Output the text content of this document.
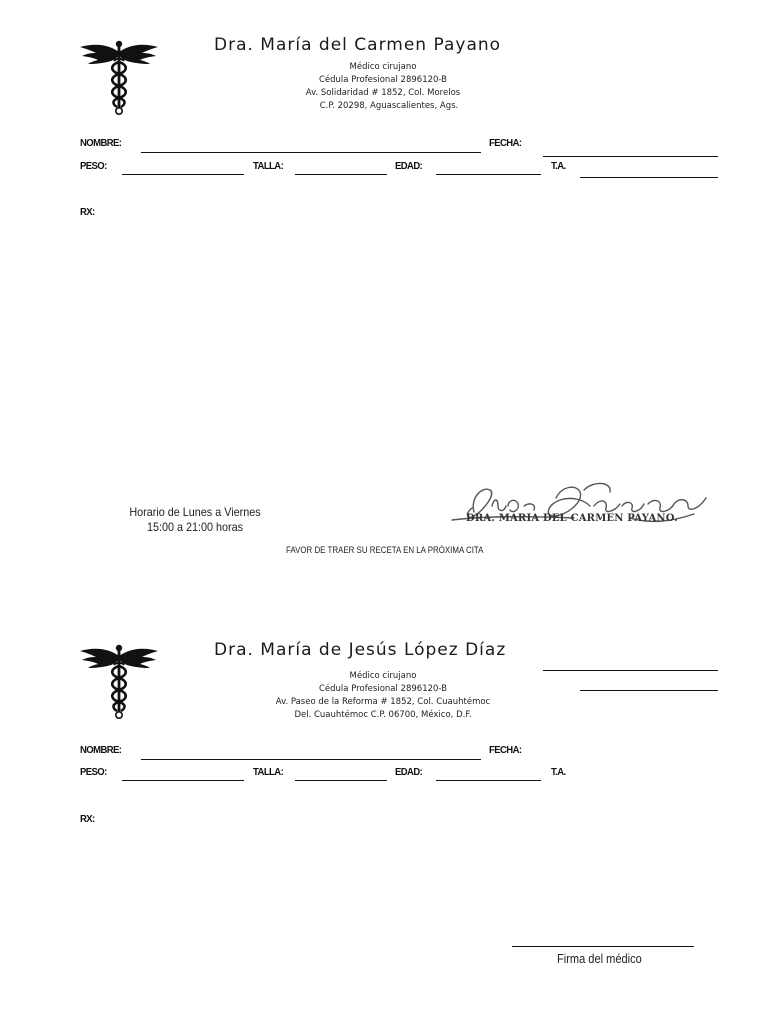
Dra. María del Carmen Payano
Médico cirujano
Cédula Profesional 2896120-B
Av. Solidaridad # 1852, Col. Morelos
C.P. 20298, Aguascalientes, Ags.
NOMBRE:	FECHA:
PESO:	TALLA:	EDAD:	T.A.
RX:
Horario de Lunes a Viernes
15:00 a 21:00 horas
DRA. MARIA DEL CARMEN PAYANO.
FAVOR DE TRAER SU RECETA EN LA PRÓXIMA CITA
Dra. María de Jesús López Díaz
Médico cirujano
Cédula Profesional 2896120-B
Av. Paseo de la Reforma # 1852, Col. Cuauhtémoc
Del. Cuauhtémoc C.P. 06700, México, D.F.
NOMBRE:	FECHA:
PESO:	TALLA:	EDAD:	T.A.
RX:
Firma del médico
